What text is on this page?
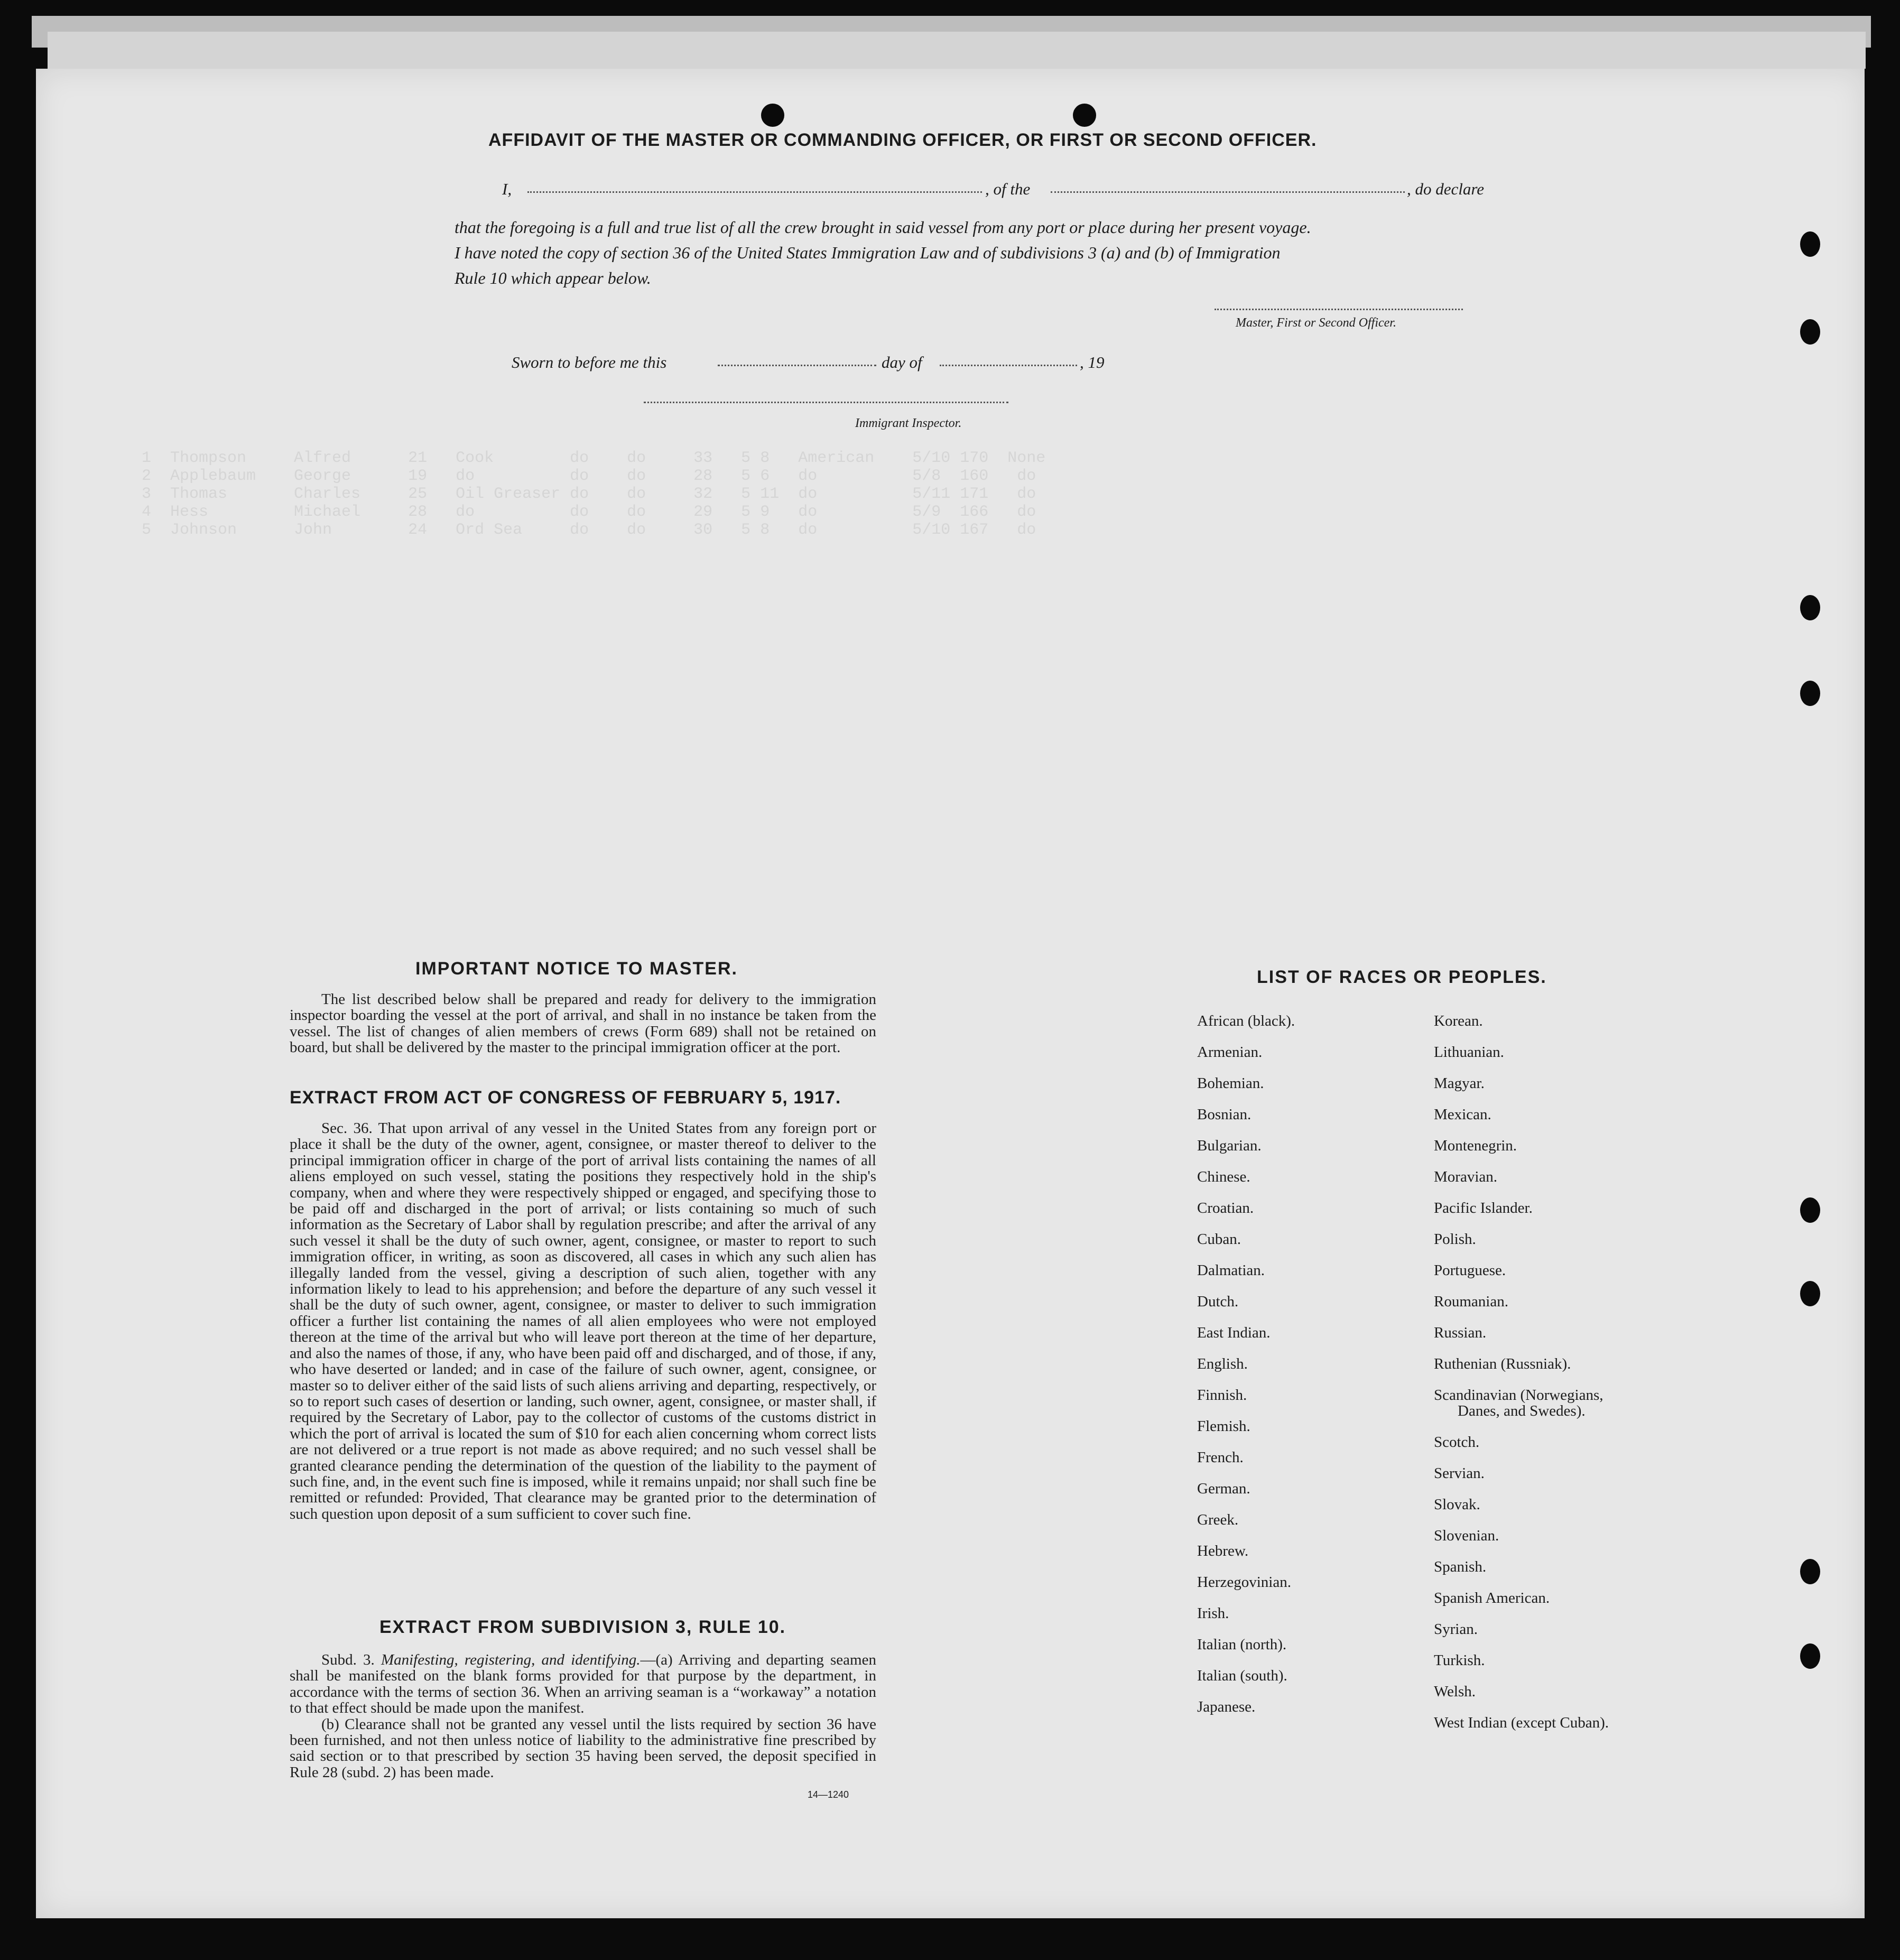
AFFIDAVIT OF THE MASTER OR COMMANDING OFFICER, OR FIRST OR SECOND OFFICER.
I,	, of the	, do declare
that the foregoing is a full and true list of all the crew brought in said vessel from any port or place during her present voyage.
I have noted the copy of section 36 of the United States Immigration Law and of subdivisions 3 (a) and (b) of Immigration
Rule 10 which appear below.
Master, First or Second Officer.
Sworn to before me this	day of	, 19
Immigrant Inspector.
IMPORTANT NOTICE TO MASTER.

The list described below shall be prepared and ready for delivery to the immigration inspector boarding the vessel at the port of arrival, and shall in no instance be taken from the vessel. The list of changes of alien members of crews (Form 689) shall not be retained on board, but shall be delivered by the master to the principal immigration officer at the port.

EXTRACT FROM ACT OF CONGRESS OF FEBRUARY 5, 1917.

Sec. 36. That upon arrival of any vessel in the United States from any foreign port or place it shall be the duty of the owner, agent, consignee, or master thereof to deliver to the principal immigration officer in charge of the port of arrival lists containing the names of all aliens employed on such vessel, stating the positions they respectively hold in the ship's company, when and where they were respectively shipped or engaged, and specifying those to be paid off and discharged in the port of arrival; or lists containing so much of such information as the Secretary of Labor shall by regulation prescribe; and after the arrival of any such vessel it shall be the duty of such owner, agent, consignee, or master to report to such immigration officer, in writing, as soon as discovered, all cases in which any such alien has illegally landed from the vessel, giving a description of such alien, together with any information likely to lead to his apprehension; and before the departure of any such vessel it shall be the duty of such owner, agent, consignee, or master to deliver to such immigration officer a further list containing the names of all alien employees who were not employed thereon at the time of the arrival but who will leave port thereon at the time of her departure, and also the names of those, if any, who have been paid off and discharged, and of those, if any, who have deserted or landed; and in case of the failure of such owner, agent, consignee, or master so to deliver either of the said lists of such aliens arriving and departing, respectively, or so to report such cases of desertion or landing, such owner, agent, consignee, or master shall, if required by the Secretary of Labor, pay to the collector of customs of the customs district in which the port of arrival is located the sum of $10 for each alien concerning whom correct lists are not delivered or a true report is not made as above required; and no such vessel shall be granted clearance pending the determination of the question of the liability to the payment of such fine, and, in the event such fine is imposed, while it remains unpaid; nor shall such fine be remitted or refunded: Provided, That clearance may be granted prior to the determination of such question upon deposit of a sum sufficient to cover such fine.

EXTRACT FROM SUBDIVISION 3, RULE 10.

Subd. 3. Manifesting, registering, and identifying.—(a) Arriving and departing seamen shall be manifested on the blank forms provided for that purpose by the department, in accordance with the terms of section 36. When an arriving seaman is a “workaway” a notation to that effect should be made upon the manifest.

(b) Clearance shall not be granted any vessel until the lists required by section 36 have been furnished, and not then unless notice of liability to the administrative fine prescribed by said section or to that prescribed by section 35 having been served, the deposit specified in Rule 28 (subd. 2) has been made.

14—1240
LIST OF RACES OR PEOPLES.
1  Thompson     Alfred      21   Cook        do    do     33   5 8   American    5/10 170  None
2  Applebaum    George      19   do          do    do     28   5 6   do          5/8  160   do
3  Thomas       Charles     25   Oil Greaser do    do     32   5 11  do          5/11 171   do
4  Hess         Michael     28   do          do    do     29   5 9   do          5/9  166   do
5  Johnson      John        24   Ord Sea     do    do     30   5 8   do          5/10 167   do
African (black).
Armenian.
Bohemian.
Bosnian.
Bulgarian.
Chinese.
Croatian.
Cuban.
Dalmatian.
Dutch.
East Indian.
English.
Finnish.
Flemish.
French.
German.
Greek.
Hebrew.
Herzegovinian.
Irish.
Italian (north).
Italian (south).
Japanese.
Korean.
Lithuanian.
Magyar.
Mexican.
Montenegrin.
Moravian.
Pacific Islander.
Polish.
Portuguese.
Roumanian.
Russian.
Ruthenian (Russniak).
Scandinavian (Norwegians,
Danes, and Swedes).
Scotch.
Servian.
Slovak.
Slovenian.
Spanish.
Spanish American.
Syrian.
Turkish.
Welsh.
West Indian (except Cuban).
